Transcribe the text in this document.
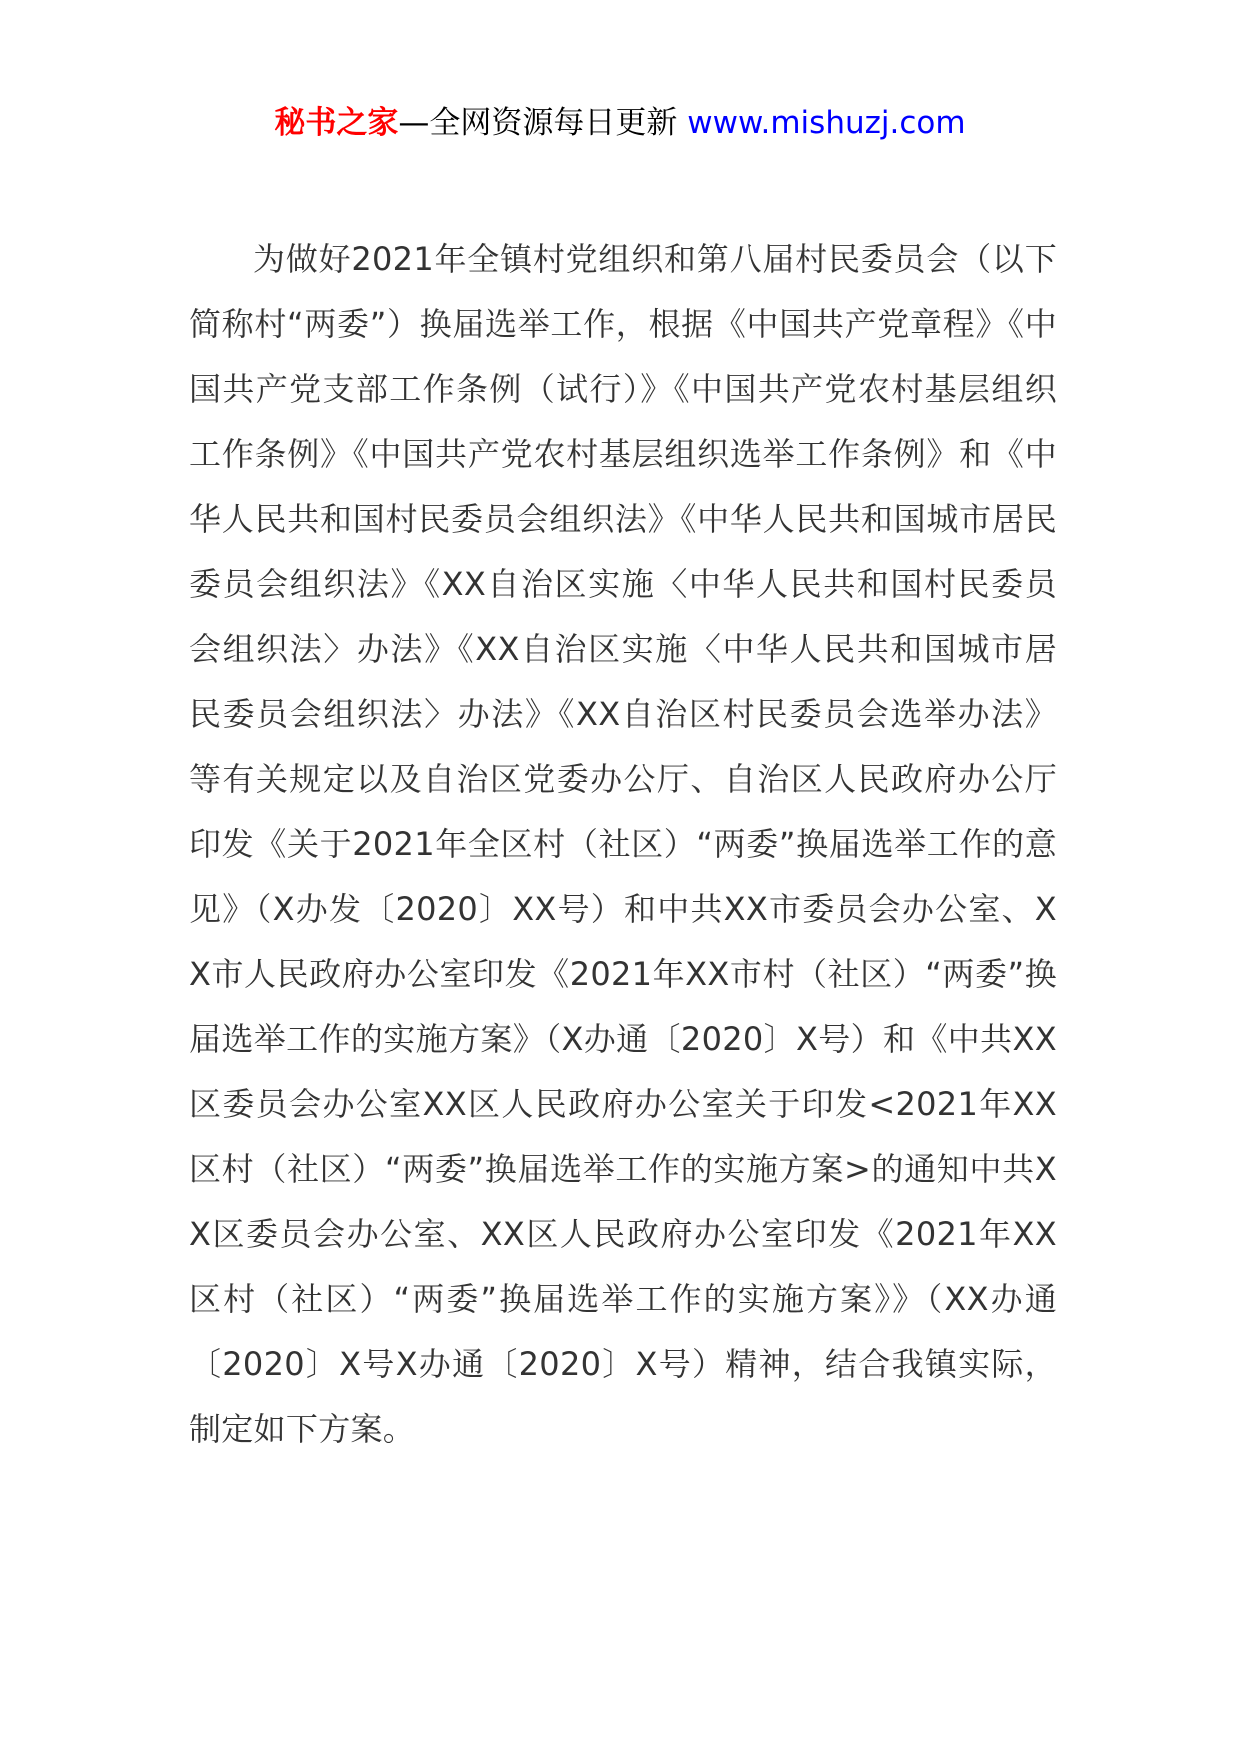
秘书之家—全网资源每日更新 www.mishuzj.com

为做好2021年全镇村党组织和第八届村民委员会（以下简称村“两委”）换届选举工作，根据《中国共产党章程》《中国共产党支部工作条例（试行）》《中国共产党农村基层组织工作条例》《中国共产党农村基层组织选举工作条例》和《中华人民共和国村民委员会组织法》《中华人民共和国城市居民委员会组织法》《XX自治区实施〈中华人民共和国村民委员会组织法〉办法》《XX自治区实施〈中华人民共和国城市居民委员会组织法〉办法》《XX自治区村民委员会选举办法》等有关规定以及自治区党委办公厅、自治区人民政府办公厅印发《关于2021年全区村（社区）“两委”换届选举工作的意见》（X办发〔2020〕XX号）和中共XX市委员会办公室、XX市人民政府办公室印发《2021年XX市村（社区）“两委”换届选举工作的实施方案》（X办通〔2020〕X号）和《中共XX区委员会办公室XX区人民政府办公室关于印发<2021年XX区村（社区）“两委”换届选举工作的实施方案>的通知中共XX区委员会办公室、XX区人民政府办公室印发《2021年XX区村（社区）“两委”换届选举工作的实施方案》》（XX办通〔2020〕X号X办通〔2020〕X号）精神，结合我镇实际，制定如下方案。
